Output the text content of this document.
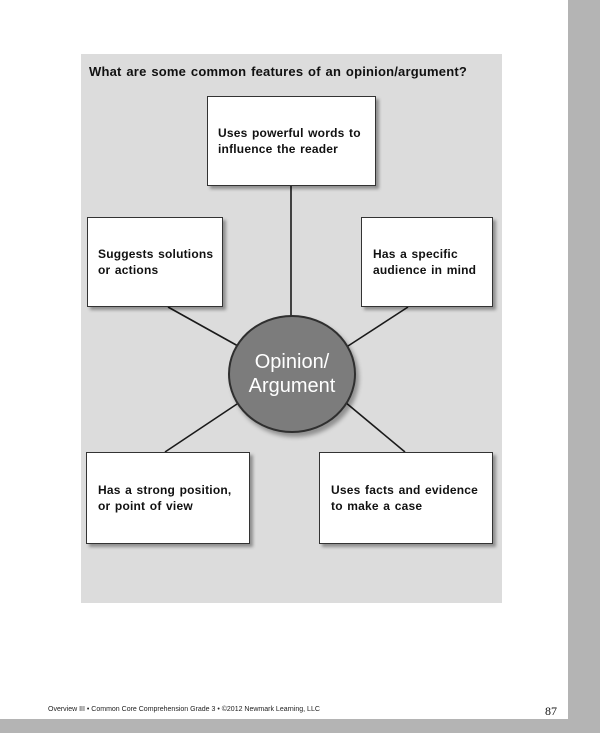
What are some common features of an opinion/argument?
Uses powerful words to influence the reader
Suggests solutions or actions
Has a specific audience in mind
Has a strong position, or point of view
Uses facts and evidence to make a case
Opinion/ Argument
Overview III • Common Core Comprehension Grade 3 • ©2012 Newmark Learning, LLC	87
